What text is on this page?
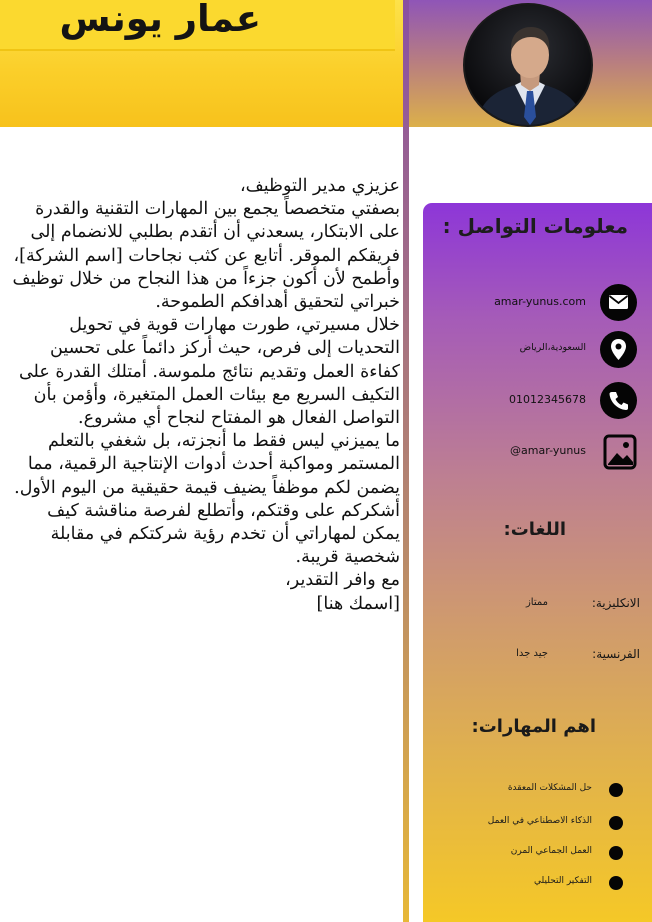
عمار يونس

عزيزي مدير التوظيف،

بصفتي متخصصاً يجمع بين المهارات التقنية والقدرة على الابتكار، يسعدني أن أتقدم بطلبي للانضمام إلى فريقكم الموقر. أتابع عن كثب نجاحات [اسم الشركة]، وأطمح لأن أكون جزءاً من هذا النجاح من خلال توظيف خبراتي لتحقيق أهدافكم الطموحة.

خلال مسيرتي، طورت مهارات قوية في تحويل التحديات إلى فرص، حيث أركز دائماً على تحسين كفاءة العمل وتقديم نتائج ملموسة. أمتلك القدرة على التكيف السريع مع بيئات العمل المتغيرة، وأؤمن بأن التواصل الفعال هو المفتاح لنجاح أي مشروع.

ما يميزني ليس فقط ما أنجزته، بل شغفي بالتعلم المستمر ومواكبة أحدث أدوات الإنتاجية الرقمية، مما يضمن لكم موظفاً يضيف قيمة حقيقية من اليوم الأول.

أشكركم على وقتكم، وأتطلع لفرصة مناقشة كيف يمكن لمهاراتي أن تخدم رؤية شركتكم في مقابلة شخصية قريبة.

مع وافر التقدير،

[اسمك هنا]

معلومات التواصل :
amar-yunus.com
السعودية،الرياض
01012345678
@amar-yunus
اللغات:
الانكليزية:
ممتاز
الفرنسية:
جيد جدا
اهم المهارات:
حل المشكلات المعقدة
الذكاء الاصطناعي في العمل
العمل الجماعي المرن
التفكير التحليلي
